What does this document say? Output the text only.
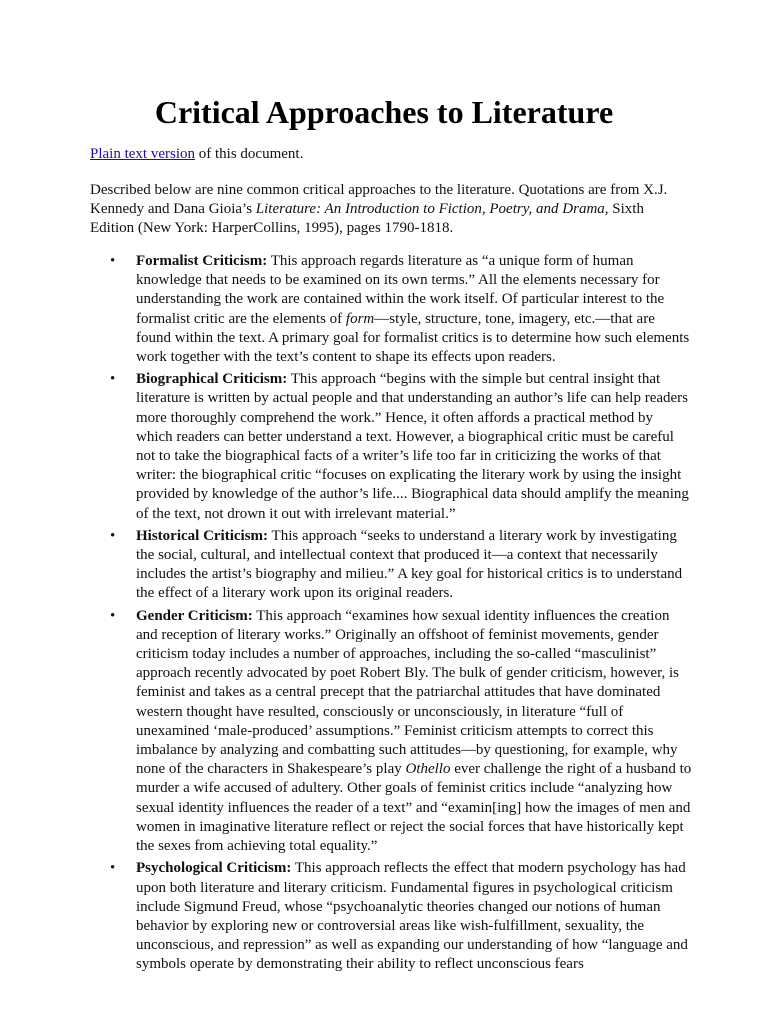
Critical Approaches to Literature

Plain text version of this document.

Described below are nine common critical approaches to the literature. Quotations are from X.J. Kennedy and Dana Gioia’s Literature: An Introduction to Fiction, Poetry, and Drama, Sixth Edition (New York: HarperCollins, 1995), pages 1790-1818.

• Formalist Criticism: This approach regards literature as “a unique form of human knowledge that needs to be examined on its own terms.” All the elements necessary for understanding the work are contained within the work itself. Of particular interest to the formalist critic are the elements of form—style, structure, tone, imagery, etc.—that are found within the text. A primary goal for formalist critics is to determine how such elements work together with the text’s content to shape its effects upon readers.
• Biographical Criticism: This approach “begins with the simple but central insight that literature is written by actual people and that understanding an author’s life can help readers more thoroughly comprehend the work.” Hence, it often affords a practical method by which readers can better understand a text. However, a biographical critic must be careful not to take the biographical facts of a writer’s life too far in criticizing the works of that writer: the biographical critic “focuses on explicating the literary work by using the insight provided by knowledge of the author’s life.... Biographical data should amplify the meaning of the text, not drown it out with irrelevant material.”
• Historical Criticism: This approach “seeks to understand a literary work by investigating the social, cultural, and intellectual context that produced it—a context that necessarily includes the artist’s biography and milieu.” A key goal for historical critics is to understand the effect of a literary work upon its original readers.
• Gender Criticism: This approach “examines how sexual identity influences the creation and reception of literary works.” Originally an offshoot of feminist movements, gender criticism today includes a number of approaches, including the so-called “masculinist” approach recently advocated by poet Robert Bly. The bulk of gender criticism, however, is feminist and takes as a central precept that the patriarchal attitudes that have dominated western thought have resulted, consciously or unconsciously, in literature “full of unexamined ‘male-produced’ assumptions.” Feminist criticism attempts to correct this imbalance by analyzing and combatting such attitudes—by questioning, for example, why none of the characters in Shakespeare’s play Othello ever challenge the right of a husband to murder a wife accused of adultery. Other goals of feminist critics include “analyzing how sexual identity influences the reader of a text” and “examin[ing] how the images of men and women in imaginative literature reflect or reject the social forces that have historically kept the sexes from achieving total equality.”
• Psychological Criticism: This approach reflects the effect that modern psychology has had upon both literature and literary criticism. Fundamental figures in psychological criticism include Sigmund Freud, whose “psychoanalytic theories changed our notions of human behavior by exploring new or controversial areas like wish-fulfillment, sexuality, the unconscious, and repression” as well as expanding our understanding of how “language and symbols operate by demonstrating their ability to reflect unconscious fears
